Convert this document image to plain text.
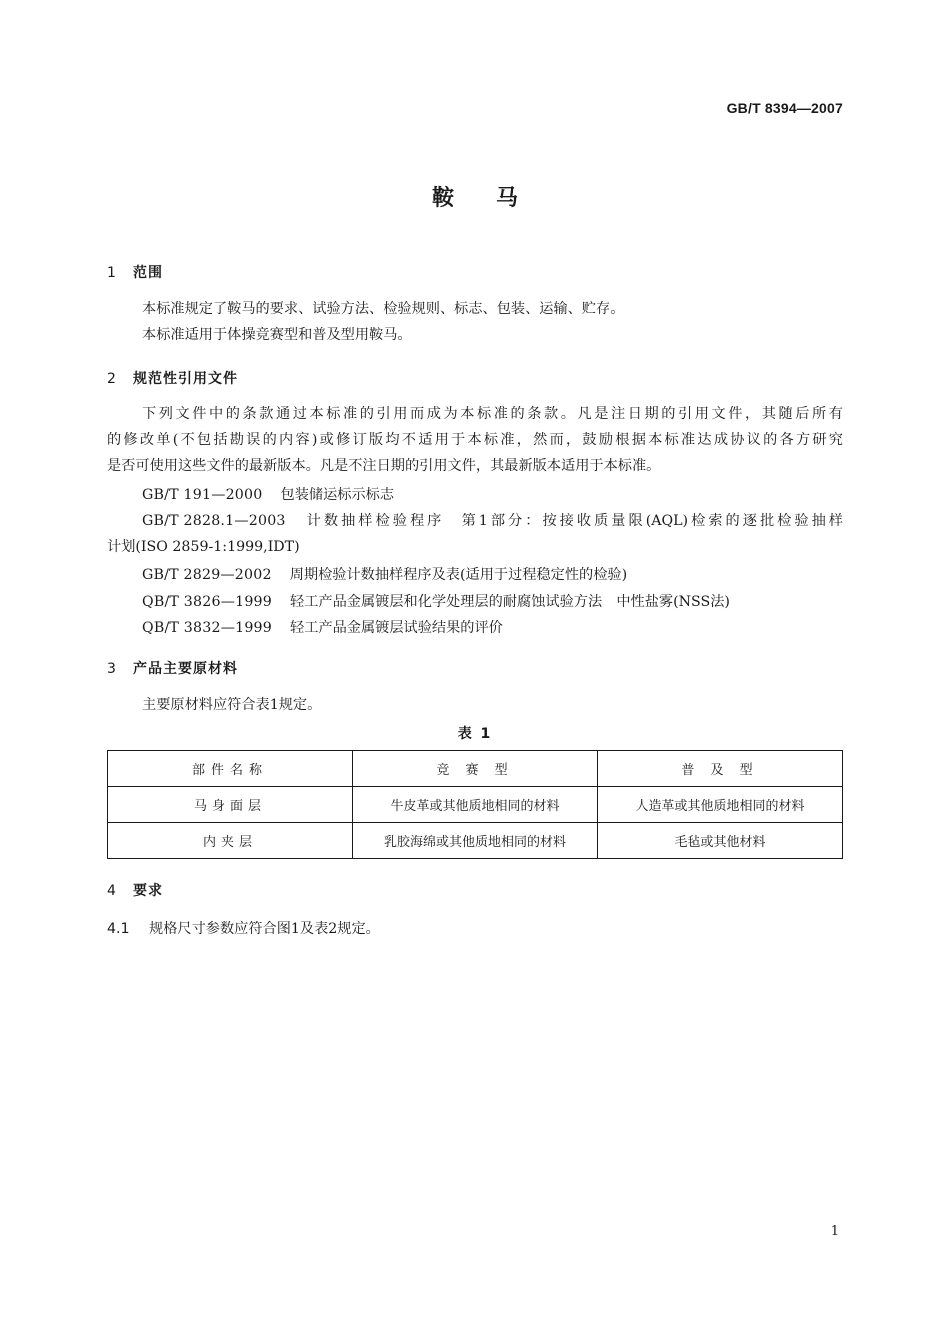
GB/T 8394—2007
鞍马
1 范围
本标准规定了鞍马的要求、试验方法、检验规则、标志、包装、运输、贮存。
本标准适用于体操竞赛型和普及型用鞍马。
2 规范性引用文件
下列文件中的条款通过本标准的引用而成为本标准的条款。凡是注日期的引用文件，其随后所有
的修改单(不包括勘误的内容)或修订版均不适用于本标准，然而，鼓励根据本标准达成协议的各方研究
是否可使用这些文件的最新版本。凡是不注日期的引用文件，其最新版本适用于本标准。
GB/T 191—2000 包装储运标示标志
GB/T 2828.1—2003 计数抽样检验程序　第1部分：按接收质量限(AQL)检索的逐批检验抽样
计划(ISO 2859-1:1999,IDT)
GB/T 2829—2002 周期检验计数抽样程序及表(适用于过程稳定性的检验)
QB/T 3826—1999 轻工产品金属镀层和化学处理层的耐腐蚀试验方法　中性盐雾(NSS法)
QB/T 3832—1999 轻工产品金属镀层试验结果的评价
3 产品主要原材料
主要原材料应符合表1规定。
表 1
部件名称	竞 赛 型	普 及 型
马身面层	牛皮革或其他质地相同的材料	人造革或其他质地相同的材料
内夹层	乳胶海绵或其他质地相同的材料	毛毡或其他材料
4 要求
4.1 规格尺寸参数应符合图1及表2规定。
1
